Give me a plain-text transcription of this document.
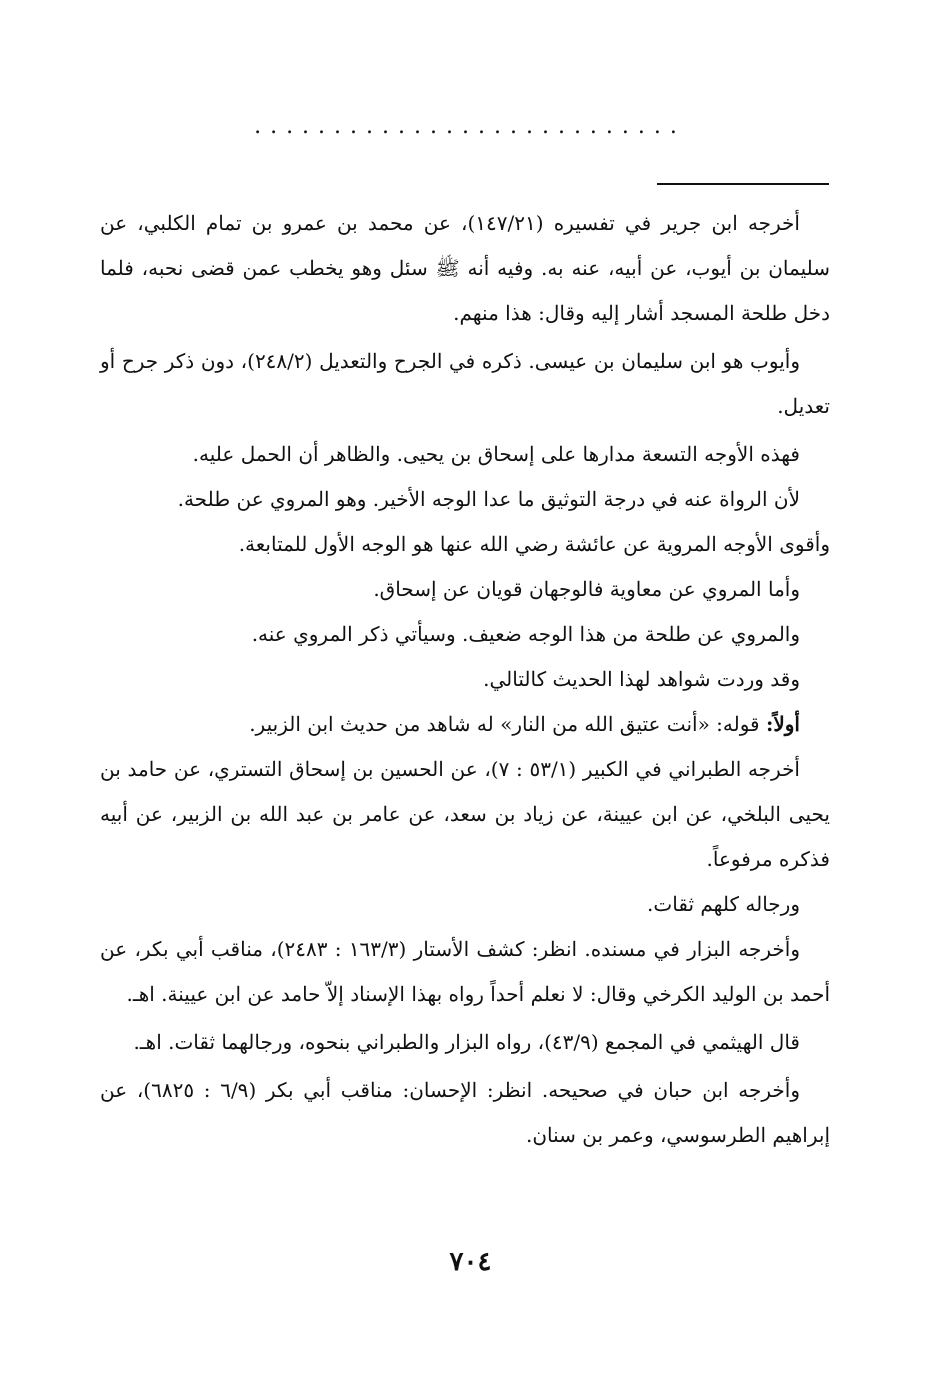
...........................

أخرجه ابن جرير في تفسيره (١٤٧/٢١)، عن محمد بن عمرو بن تمام الكلبي، عن سليمان بن أيوب، عن أبيه، عنه به. وفيه أنه ﷺ سئل وهو يخطب عمن قضى نحبه، فلما دخل طلحة المسجد أشار إليه وقال: هذا منهم.

وأيوب هو ابن سليمان بن عيسى. ذكره في الجرح والتعديل (٢٤٨/٢)، دون ذكر جرح أو تعديل.

فهذه الأوجه التسعة مدارها على إسحاق بن يحيى. والظاهر أن الحمل عليه.

لأن الرواة عنه في درجة التوثيق ما عدا الوجه الأخير. وهو المروي عن طلحة.

وأقوى الأوجه المروية عن عائشة رضي الله عنها هو الوجه الأول للمتابعة.

وأما المروي عن معاوية فالوجهان قويان عن إسحاق.

والمروي عن طلحة من هذا الوجه ضعيف. وسيأتي ذكر المروي عنه.

وقد وردت شواهد لهذا الحديث كالتالي.

أولاً: قوله: «أنت عتيق الله من النار» له شاهد من حديث ابن الزبير.

أخرجه الطبراني في الكبير (٥٣/١ : ٧)، عن الحسين بن إسحاق التستري، عن حامد بن يحيى البلخي، عن ابن عيينة، عن زياد بن سعد، عن عامر بن عبد الله بن الزبير، عن أبيه فذكره مرفوعاً.

ورجاله كلهم ثقات.

وأخرجه البزار في مسنده. انظر: كشف الأستار (١٦٣/٣ : ٢٤٨٣)، مناقب أبي بكر، عن أحمد بن الوليد الكرخي وقال: لا نعلم أحداً رواه بهذا الإسناد إلاّ حامد عن ابن عيينة. اهـ.

قال الهيثمي في المجمع (٤٣/٩)، رواه البزار والطبراني بنحوه، ورجالهما ثقات. اهـ.

وأخرجه ابن حبان في صحيحه. انظر: الإحسان: مناقب أبي بكر (٦/٩ : ٦٨٢٥)، عن إبراهيم الطرسوسي، وعمر بن سنان.

٧٠٤
